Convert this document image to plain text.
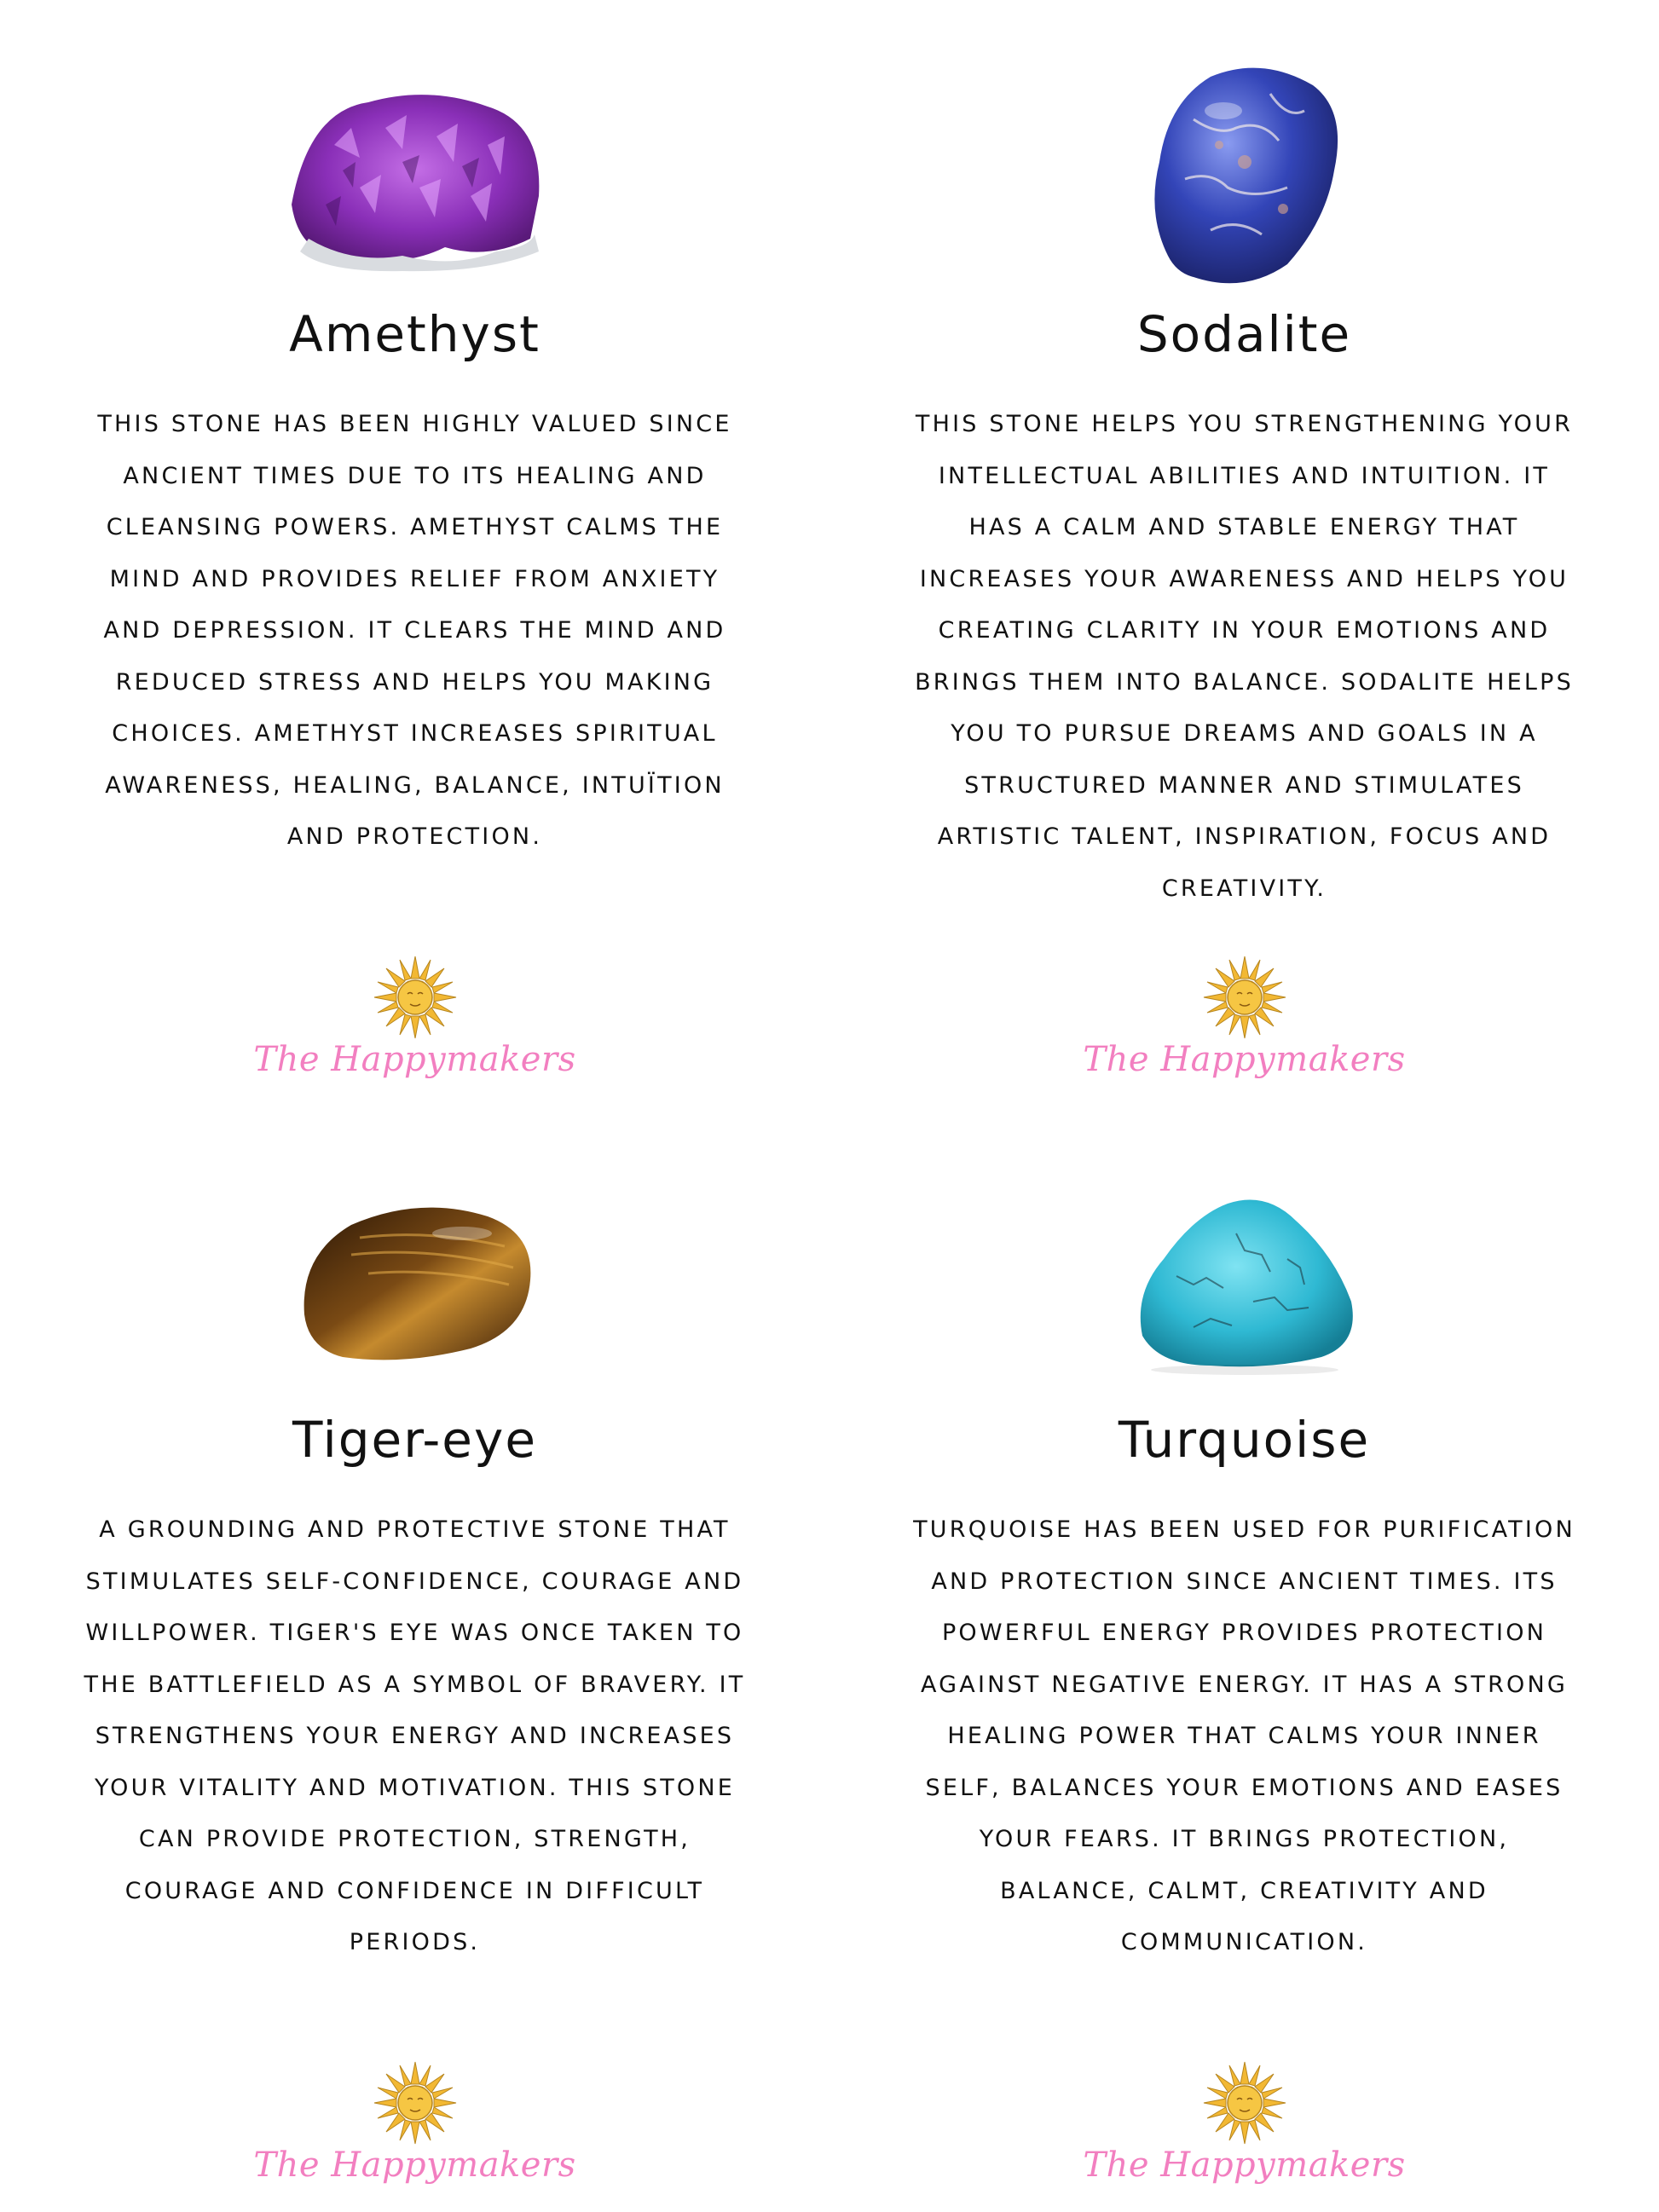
Amethyst
THIS STONE HAS BEEN HIGHLY VALUED SINCE ANCIENT TIMES DUE TO ITS HEALING AND CLEANSING POWERS. AMETHYST CALMS THE MIND AND PROVIDES RELIEF FROM ANXIETY AND DEPRESSION. IT CLEARS THE MIND AND REDUCED STRESS AND HELPS YOU MAKING CHOICES. AMETHYST INCREASES SPIRITUAL AWARENESS, HEALING, BALANCE, INTUÏTION AND PROTECTION.
The Happymakers
Sodalite
THIS STONE HELPS YOU STRENGTHENING YOUR INTELLECTUAL ABILITIES AND INTUITION. IT HAS A CALM AND STABLE ENERGY THAT INCREASES YOUR AWARENESS AND HELPS YOU CREATING CLARITY IN YOUR EMOTIONS AND BRINGS THEM INTO BALANCE. SODALITE HELPS YOU TO PURSUE DREAMS AND GOALS IN A STRUCTURED MANNER AND STIMULATES ARTISTIC TALENT, INSPIRATION, FOCUS AND CREATIVITY.
The Happymakers
Tiger-eye
A GROUNDING AND PROTECTIVE STONE THAT STIMULATES SELF-CONFIDENCE, COURAGE AND WILLPOWER. TIGER'S EYE WAS ONCE TAKEN TO THE BATTLEFIELD AS A SYMBOL OF BRAVERY. IT STRENGTHENS YOUR ENERGY AND INCREASES YOUR VITALITY AND MOTIVATION. THIS STONE CAN PROVIDE PROTECTION, STRENGTH, COURAGE AND CONFIDENCE IN DIFFICULT PERIODS.
The Happymakers
Turquoise
TURQUOISE HAS BEEN USED FOR PURIFICATION AND PROTECTION SINCE ANCIENT TIMES. ITS POWERFUL ENERGY PROVIDES PROTECTION AGAINST NEGATIVE ENERGY. IT HAS A STRONG HEALING POWER THAT CALMS YOUR INNER SELF, BALANCES YOUR EMOTIONS AND EASES YOUR FEARS. IT BRINGS PROTECTION, BALANCE, CALMT, CREATIVITY AND COMMUNICATION.
The Happymakers
